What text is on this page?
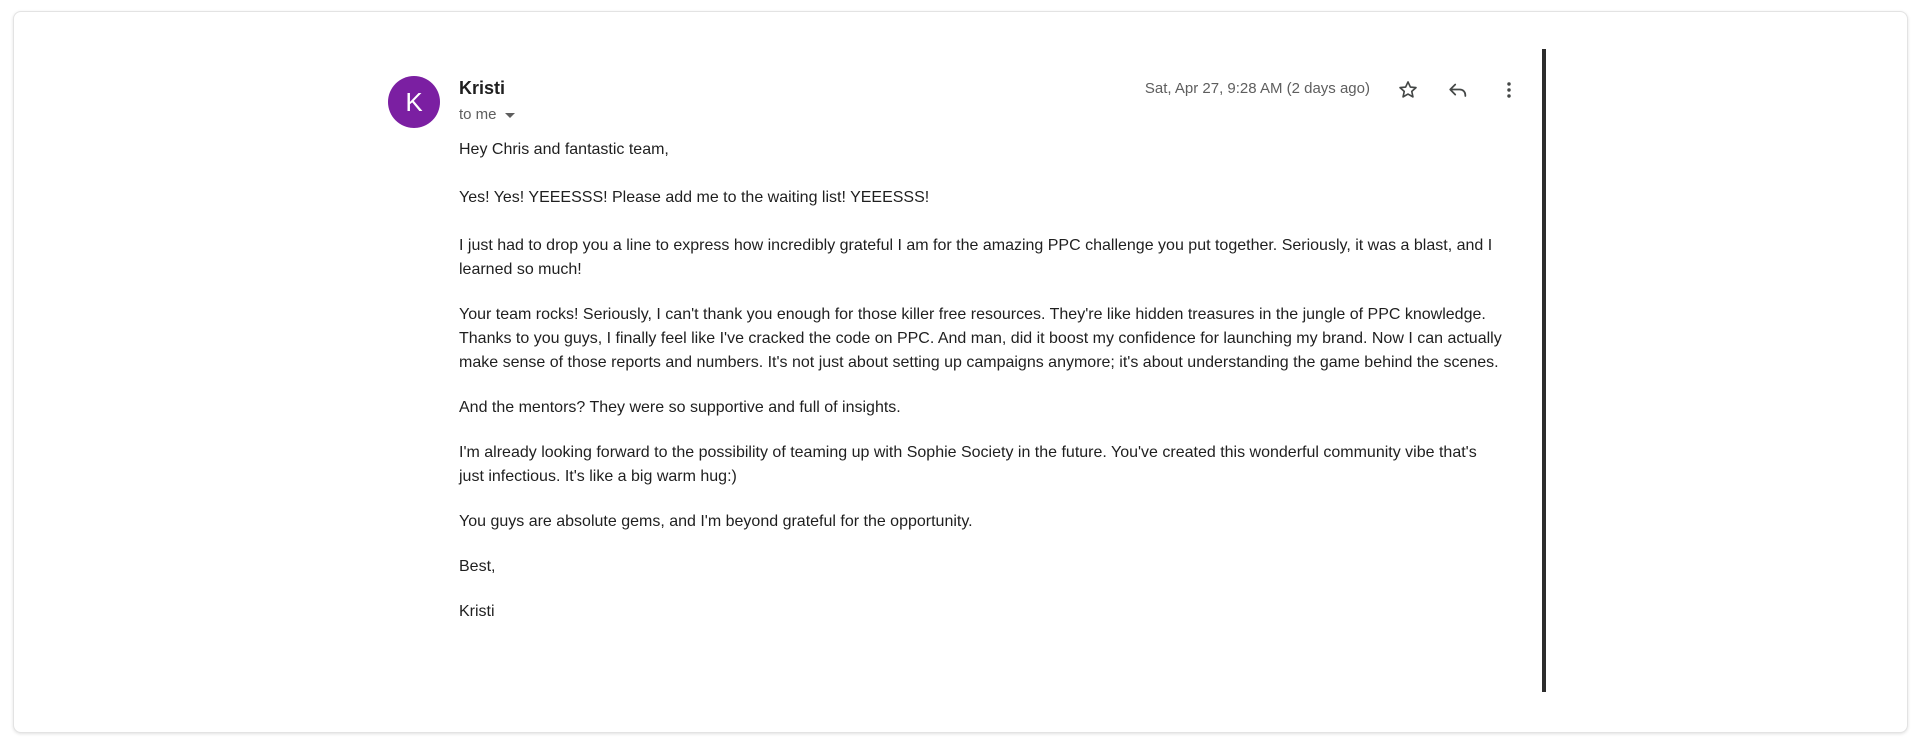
K	Kristi
to me
Sat, Apr 27, 9:28 AM (2 days ago)

Hey Chris and fantastic team,

Yes! Yes! YEEESSS! Please add me to the waiting list! YEEESSS!

I just had to drop you a line to express how incredibly grateful I am for the amazing PPC challenge you put together. Seriously, it was a blast, and I learned so much!

Your team rocks! Seriously, I can't thank you enough for those killer free resources. They're like hidden treasures in the jungle of PPC knowledge. Thanks to you guys, I finally feel like I've cracked the code on PPC. And man, did it boost my confidence for launching my brand. Now I can actually make sense of those reports and numbers. It's not just about setting up campaigns anymore; it's about understanding the game behind the scenes.

And the mentors? They were so supportive and full of insights.

I'm already looking forward to the possibility of teaming up with Sophie Society in the future. You've created this wonderful community vibe that's just infectious. It's like a big warm hug:)

You guys are absolute gems, and I'm beyond grateful for the opportunity.

Best,

Kristi
